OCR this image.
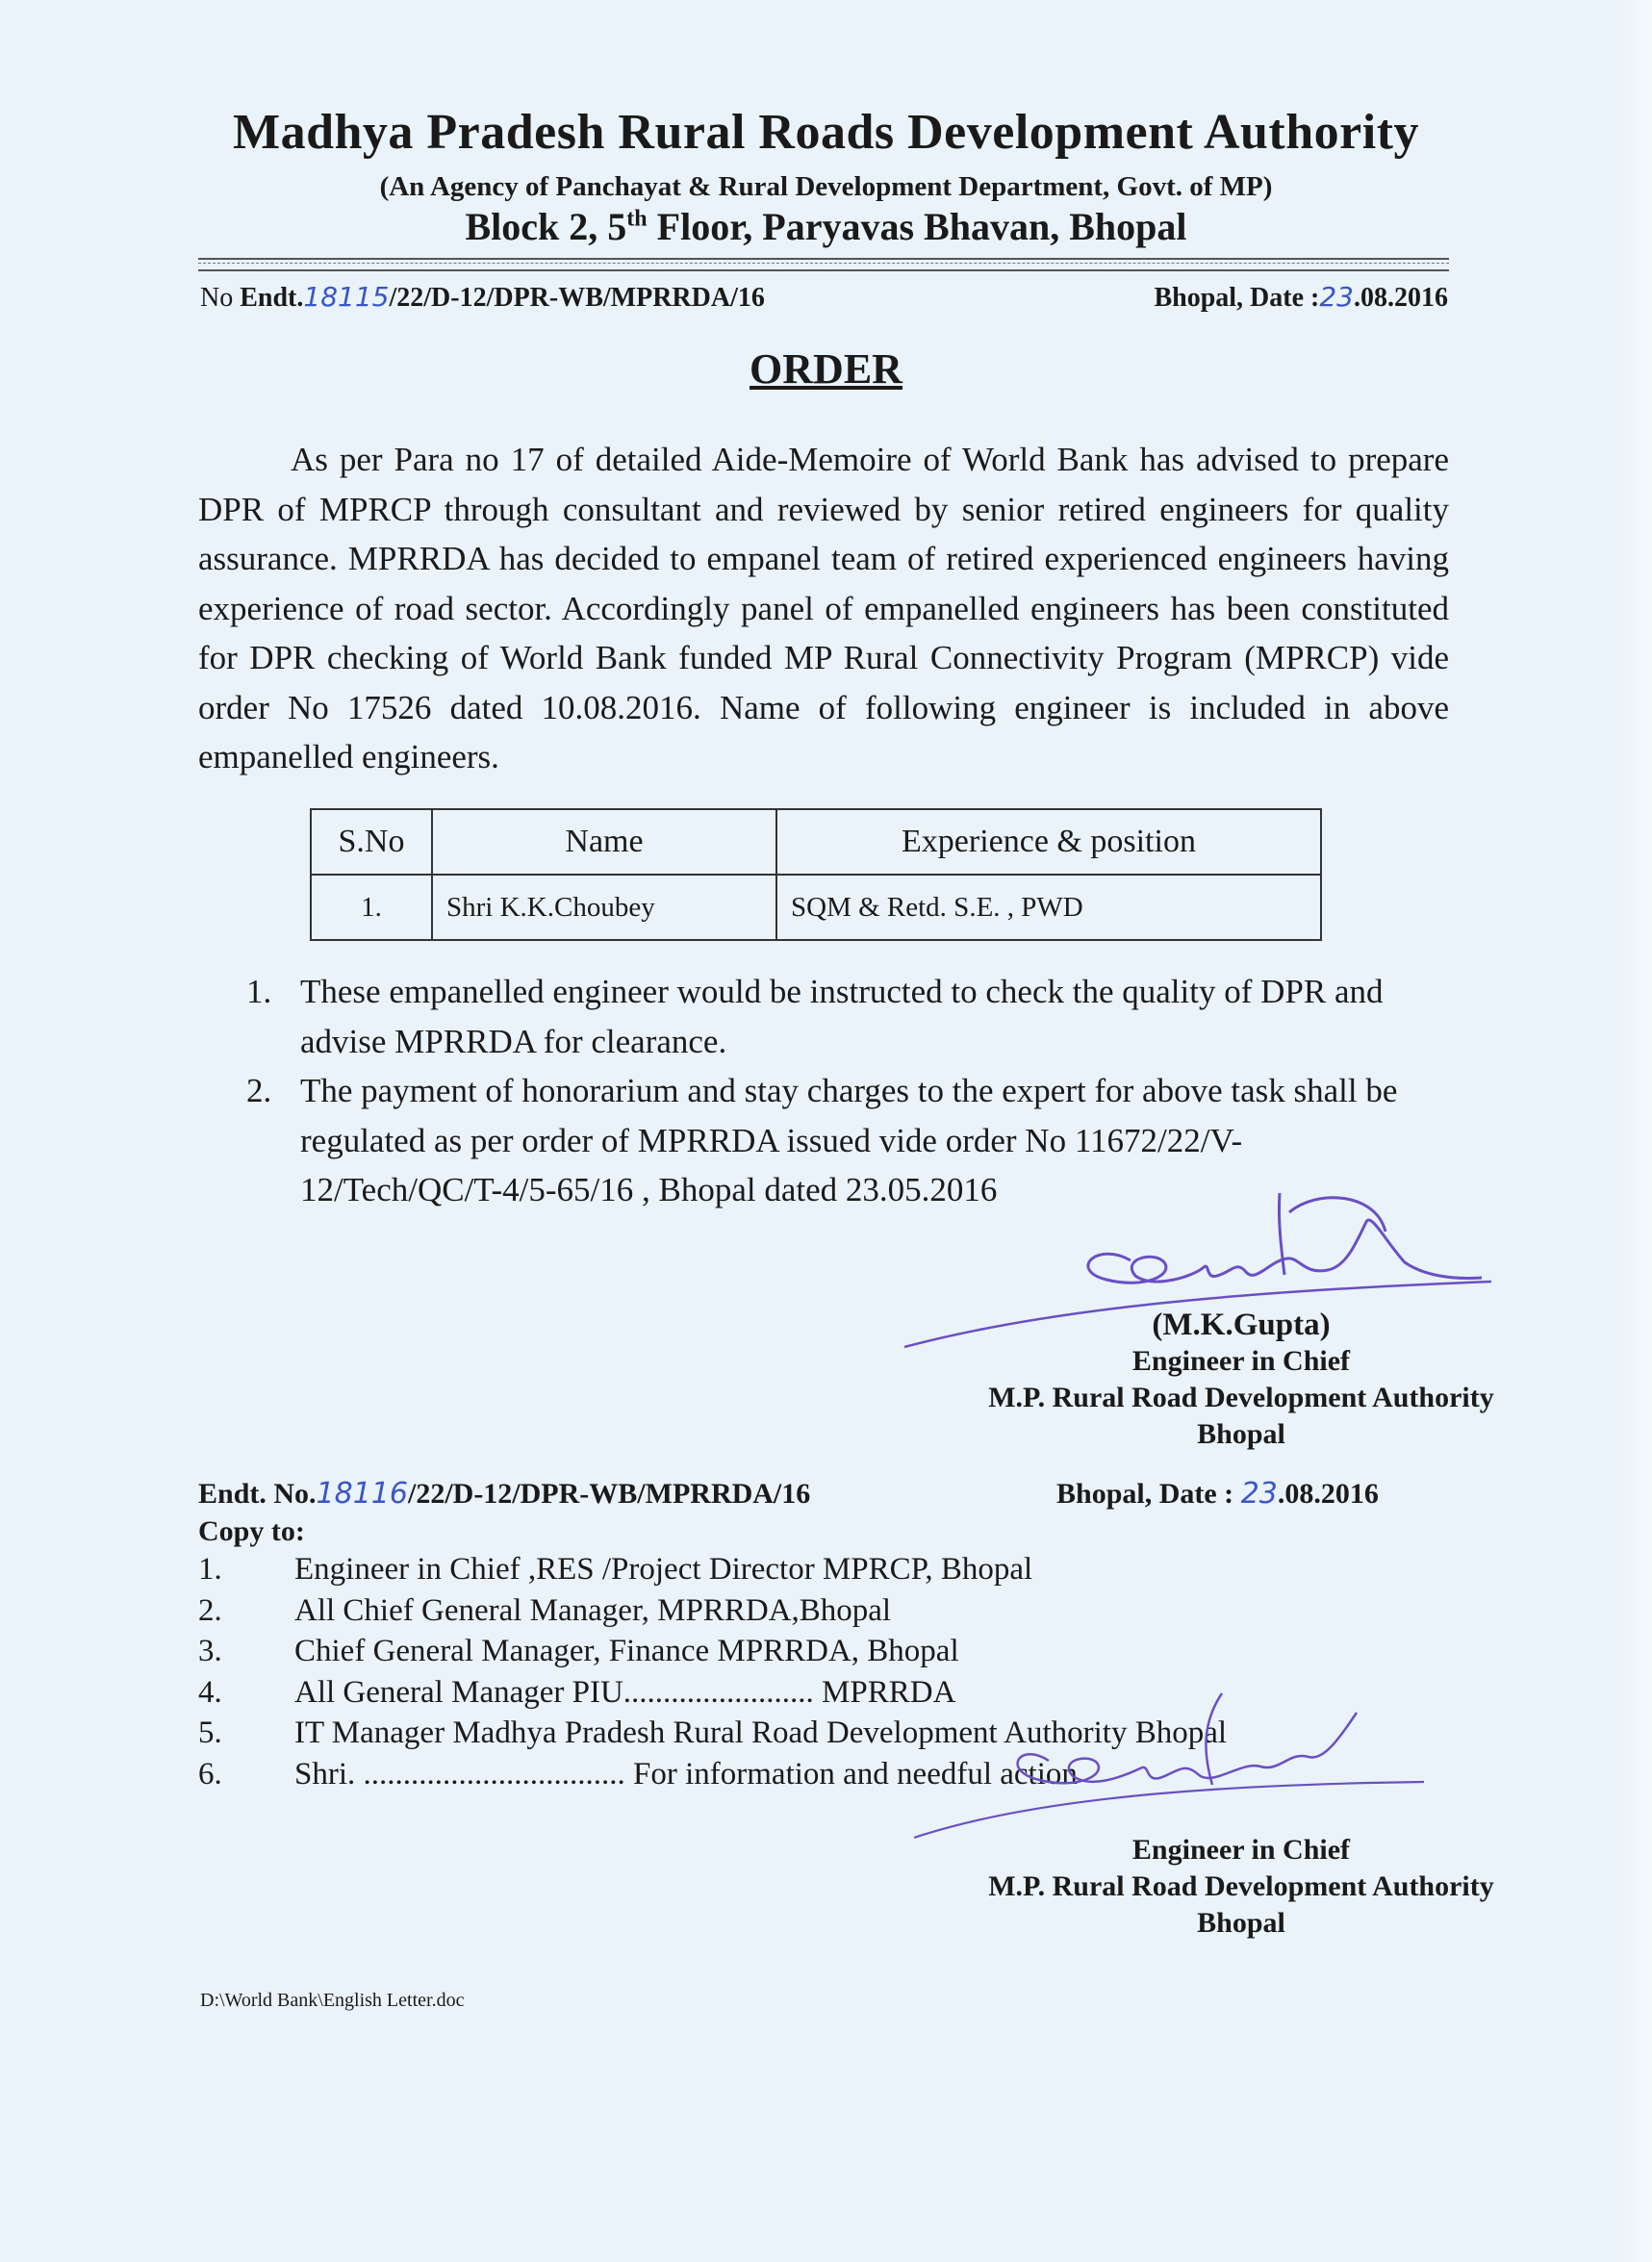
Madhya Pradesh Rural Roads Development Authority
(An Agency of Panchayat & Rural Development Department, Govt. of MP)
Block 2, 5th Floor, Paryavas Bhavan, Bhopal
No Endt.18115/22/D-12/DPR-WB/MPRRDA/16	Bhopal, Date :23.08.2016
ORDER
As per Para no 17 of detailed Aide-Memoire of World Bank has advised to prepare DPR of MPRCP through consultant and reviewed by senior retired engineers for quality assurance. MPRRDA has decided to empanel team of retired experienced engineers having experience of road sector. Accordingly panel of empanelled engineers has been constituted for DPR checking of World Bank funded MP Rural Connectivity Program (MPRCP) vide order No 17526 dated 10.08.2016. Name of following engineer is included in above empanelled engineers.
S.No	Name	Experience & position
1.	Shri K.K.Choubey	SQM & Retd. S.E. , PWD
1. These empanelled engineer would be instructed to check the quality of DPR and advise MPRRDA for clearance.
2. The payment of honorarium and stay charges to the expert for above task shall be regulated as per order of MPRRDA issued vide order No 11672/22/V-12/Tech/QC/T-4/5-65/16 , Bhopal dated 23.05.2016
(M.K.Gupta)
Engineer in Chief
M.P. Rural Road Development Authority
Bhopal
Endt. No.18116/22/D-12/DPR-WB/MPRRDA/16	Bhopal, Date : 23.08.2016
Copy to:
1.	Engineer in Chief ,RES /Project Director MPRCP, Bhopal
2.	All Chief General Manager, MPRRDA,Bhopal
3.	Chief General Manager, Finance MPRRDA, Bhopal
4.	All General Manager PIU........................ MPRRDA
5.	IT Manager Madhya Pradesh Rural Road Development Authority Bhopal
6.	Shri. ................................. For information and needful action
Engineer in Chief
M.P. Rural Road Development Authority
Bhopal
D:\World Bank\English Letter.doc
